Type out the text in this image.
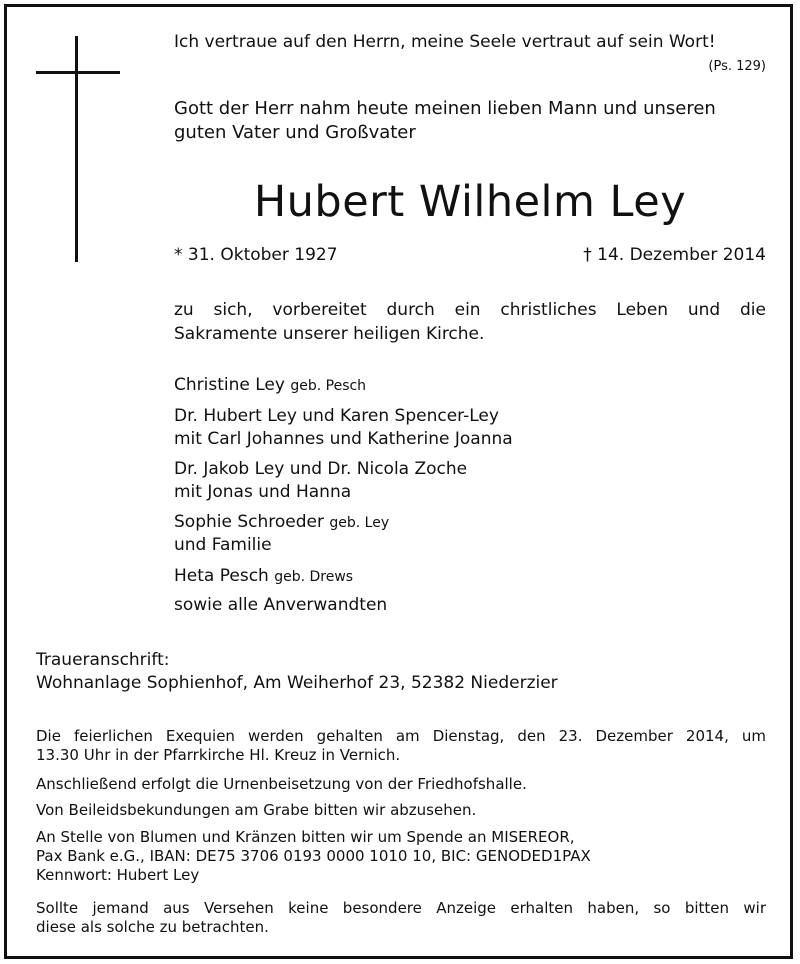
Ich vertraue auf den Herrn, meine Seele vertraut auf sein Wort!
(Ps. 129)
Gott der Herr nahm heute meinen lieben Mann und unseren
guten Vater und Großvater
Hubert Wilhelm Ley
* 31. Oktober 1927	† 14. Dezember 2014
zu sich, vorbereitet durch ein christliches Leben und die
Sakramente unserer heiligen Kirche.
Christine Ley geb. Pesch
Dr. Hubert Ley und Karen Spencer-Ley
mit Carl Johannes und Katherine Joanna
Dr. Jakob Ley und Dr. Nicola Zoche
mit Jonas und Hanna
Sophie Schroeder geb. Ley
und Familie
Heta Pesch geb. Drews
sowie alle Anverwandten
Traueranschrift:
Wohnanlage Sophienhof, Am Weiherhof 23, 52382 Niederzier
Die feierlichen Exequien werden gehalten am Dienstag, den 23. Dezember 2014, um
13.30 Uhr in der Pfarrkirche Hl. Kreuz in Vernich.
Anschließend erfolgt die Urnenbeisetzung von der Friedhofshalle.
Von Beileidsbekundungen am Grabe bitten wir abzusehen.
An Stelle von Blumen und Kränzen bitten wir um Spende an MISEREOR,
Pax Bank e.G., IBAN: DE75 3706 0193 0000 1010 10, BIC: GENODED1PAX
Kennwort: Hubert Ley
Sollte jemand aus Versehen keine besondere Anzeige erhalten haben, so bitten wir
diese als solche zu betrachten.
